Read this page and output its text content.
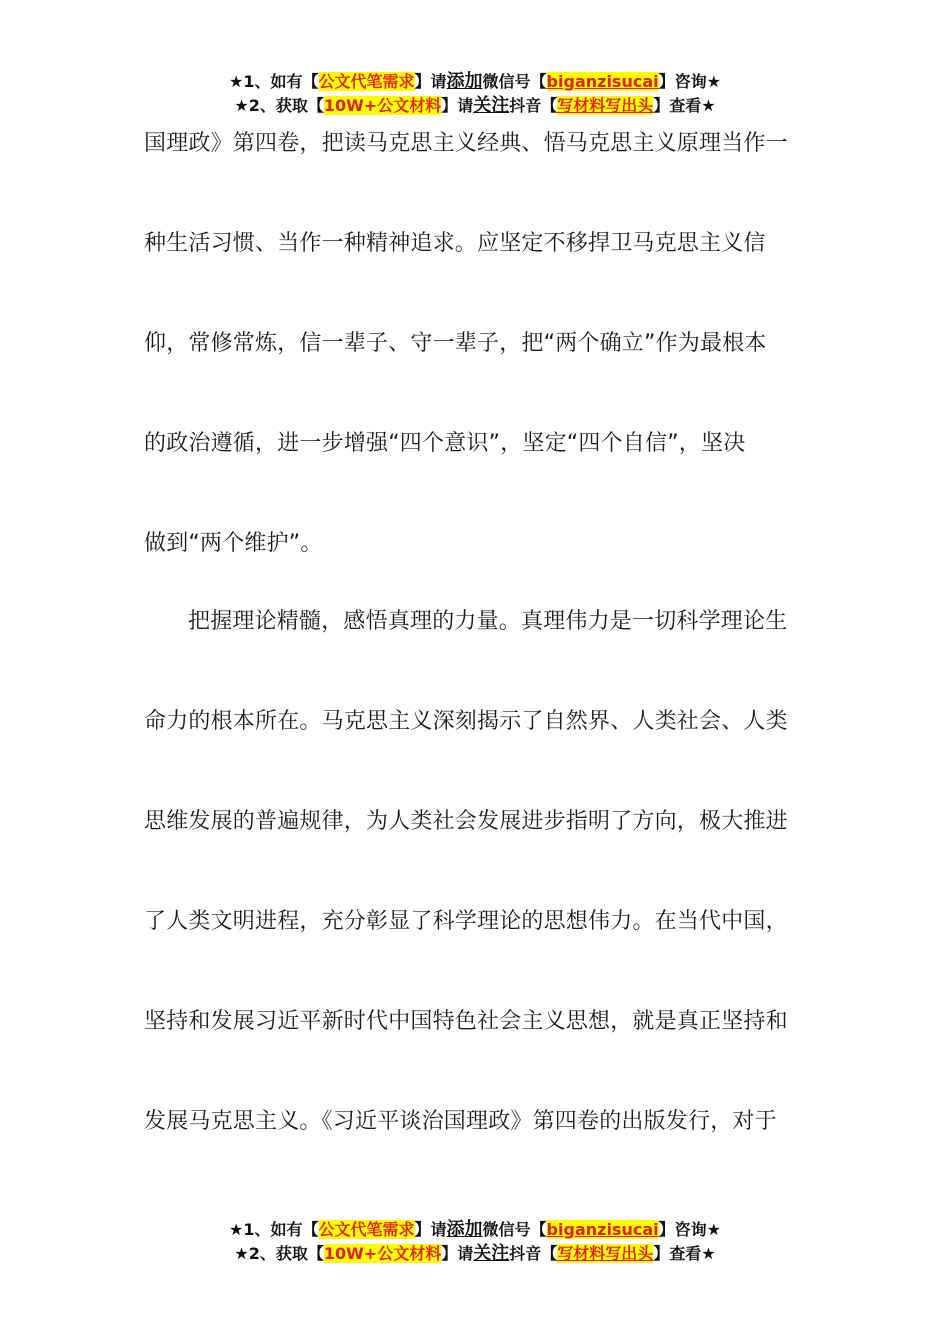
★1、如有【公文代笔需求】请添加微信号【biganzisucai】咨询★
★2、获取【10W+公文材料】请关注抖音【写材料写出头】查看★
国理政》第四卷，把读马克思主义经典、悟马克思主义原理当作一
种生活习惯、当作一种精神追求。应坚定不移捍卫马克思主义信
仰，常修常炼，信一辈子、守一辈子，把“两个确立”作为最根本
的政治遵循，进一步增强“四个意识”，坚定“四个自信”，坚决
做到“两个维护”。
把握理论精髓，感悟真理的力量。真理伟力是一切科学理论生
命力的根本所在。马克思主义深刻揭示了自然界、人类社会、人类
思维发展的普遍规律，为人类社会发展进步指明了方向，极大推进
了人类文明进程，充分彰显了科学理论的思想伟力。在当代中国，
坚持和发展习近平新时代中国特色社会主义思想，就是真正坚持和
发展马克思主义。《习近平谈治国理政》第四卷的出版发行，对于
★1、如有【公文代笔需求】请添加微信号【biganzisucai】咨询★
★2、获取【10W+公文材料】请关注抖音【写材料写出头】查看★
